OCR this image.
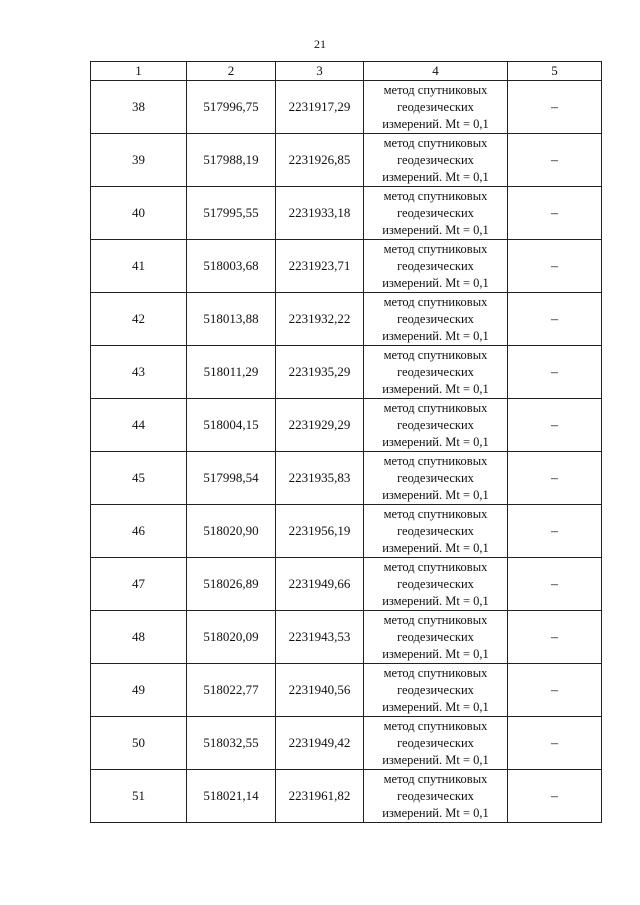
21
1	2	3	4	5
38	517996,75	2231917,29	метод спутниковых
геодезических
измерений. Mt = 0,1	–
39	517988,19	2231926,85	метод спутниковых
геодезических
измерений. Mt = 0,1	–
40	517995,55	2231933,18	метод спутниковых
геодезических
измерений. Mt = 0,1	–
41	518003,68	2231923,71	метод спутниковых
геодезических
измерений. Mt = 0,1	–
42	518013,88	2231932,22	метод спутниковых
геодезических
измерений. Mt = 0,1	–
43	518011,29	2231935,29	метод спутниковых
геодезических
измерений. Mt = 0,1	–
44	518004,15	2231929,29	метод спутниковых
геодезических
измерений. Mt = 0,1	–
45	517998,54	2231935,83	метод спутниковых
геодезических
измерений. Mt = 0,1	–
46	518020,90	2231956,19	метод спутниковых
геодезических
измерений. Mt = 0,1	–
47	518026,89	2231949,66	метод спутниковых
геодезических
измерений. Mt = 0,1	–
48	518020,09	2231943,53	метод спутниковых
геодезических
измерений. Mt = 0,1	–
49	518022,77	2231940,56	метод спутниковых
геодезических
измерений. Mt = 0,1	–
50	518032,55	2231949,42	метод спутниковых
геодезических
измерений. Mt = 0,1	–
51	518021,14	2231961,82	метод спутниковых
геодезических
измерений. Mt = 0,1	–
